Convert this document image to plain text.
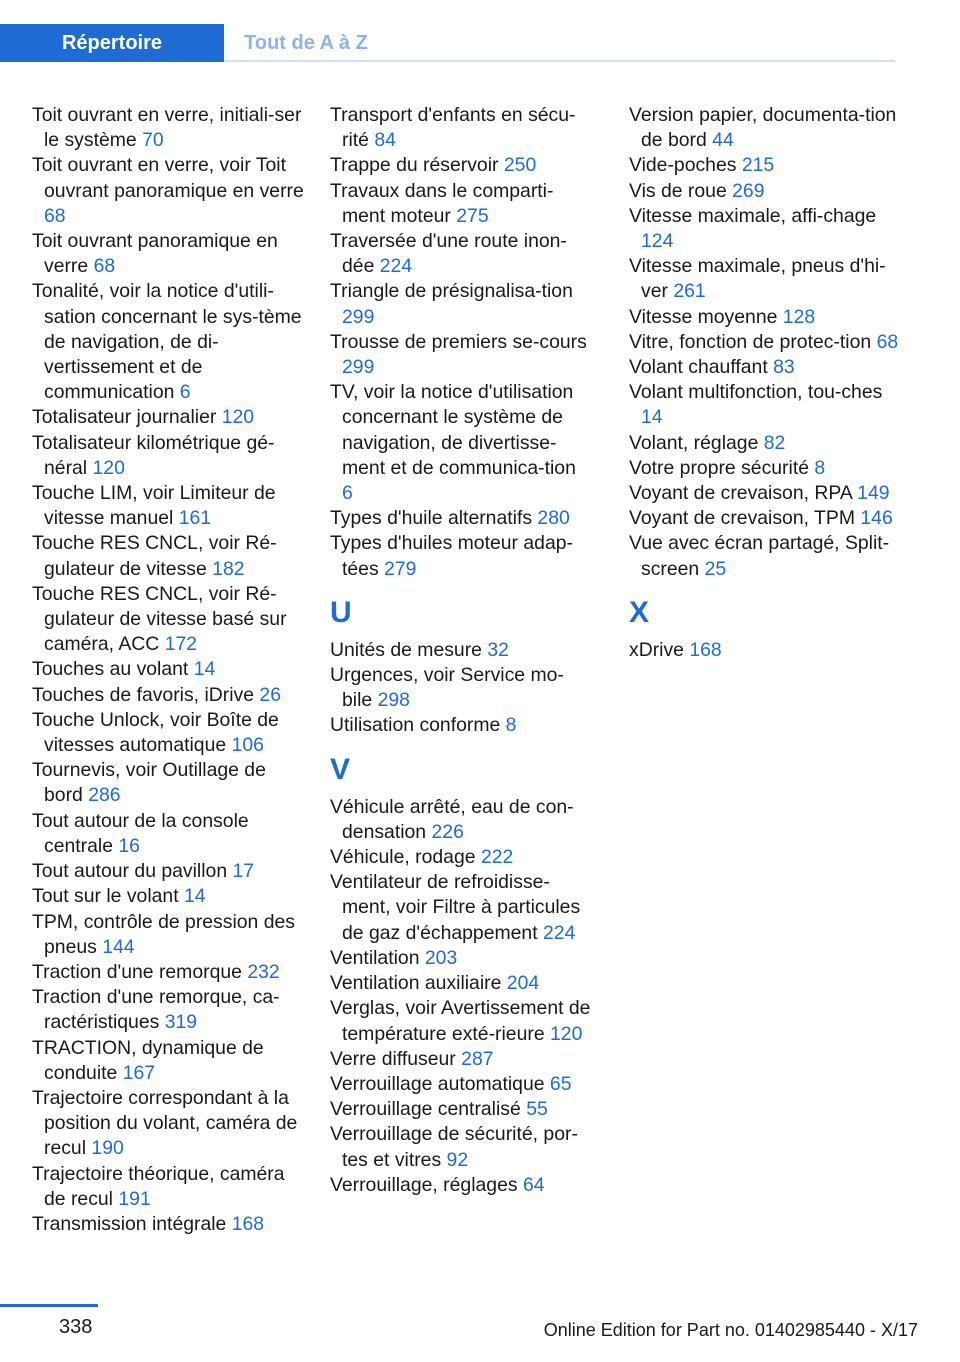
Répertoire	Tout de A à Z
Toit ouvrant en verre, initiali‐ser le système 70
Toit ouvrant en verre, voir Toit ouvrant panoramique en verre 68
Toit ouvrant panoramique en verre 68
Tonalité, voir la notice d'utili‐sation concernant le sys‐tème de navigation, de di‐vertissement et de communication 6
Totalisateur journalier 120
Totalisateur kilométrique gé‐néral 120
Touche LIM, voir Limiteur de vitesse manuel 161
Touche RES CNCL, voir Ré‐gulateur de vitesse 182
Touche RES CNCL, voir Ré‐gulateur de vitesse basé sur caméra, ACC 172
Touches au volant 14
Touches de favoris, iDrive 26
Touche Unlock, voir Boîte de vitesses automatique 106
Tournevis, voir Outillage de bord 286
Tout autour de la console centrale 16
Tout autour du pavillon 17
Tout sur le volant 14
TPM, contrôle de pression des pneus 144
Traction d'une remorque 232
Traction d'une remorque, ca‐ractéristiques 319
TRACTION, dynamique de conduite 167
Trajectoire correspondant à la position du volant, caméra de recul 190
Trajectoire théorique, caméra de recul 191
Transmission intégrale 168
Transport d'enfants en sécu‐rité 84
Trappe du réservoir 250
Travaux dans le comparti‐ment moteur 275
Traversée d'une route inon‐dée 224
Triangle de présignalisa‐tion 299
Trousse de premiers se‐cours 299
TV, voir la notice d'utilisation concernant le système de navigation, de divertisse‐ment et de communica‐tion 6
Types d'huile alternatifs 280
Types d'huiles moteur adap‐tées 279
U
Unités de mesure 32
Urgences, voir Service mo‐bile 298
Utilisation conforme 8
V
Véhicule arrêté, eau de con‐densation 226
Véhicule, rodage 222
Ventilateur de refroidisse‐ment, voir Filtre à particules de gaz d'échappement 224
Ventilation 203
Ventilation auxiliaire 204
Verglas, voir Avertissement de température exté‐rieure 120
Verre diffuseur 287
Verrouillage automatique 65
Verrouillage centralisé 55
Verrouillage de sécurité, por‐tes et vitres 92
Verrouillage, réglages 64
Version papier, documenta‐tion de bord 44
Vide-poches 215
Vis de roue 269
Vitesse maximale, affi‐chage 124
Vitesse maximale, pneus d'hi‐ver 261
Vitesse moyenne 128
Vitre, fonction de protec‐tion 68
Volant chauffant 83
Volant multifonction, tou‐ches 14
Volant, réglage 82
Votre propre sécurité 8
Voyant de crevaison, RPA 149
Voyant de crevaison, TPM 146
Vue avec écran partagé, Split-screen 25
X
xDrive 168
338	Online Edition for Part no. 01402985440 - X/17
